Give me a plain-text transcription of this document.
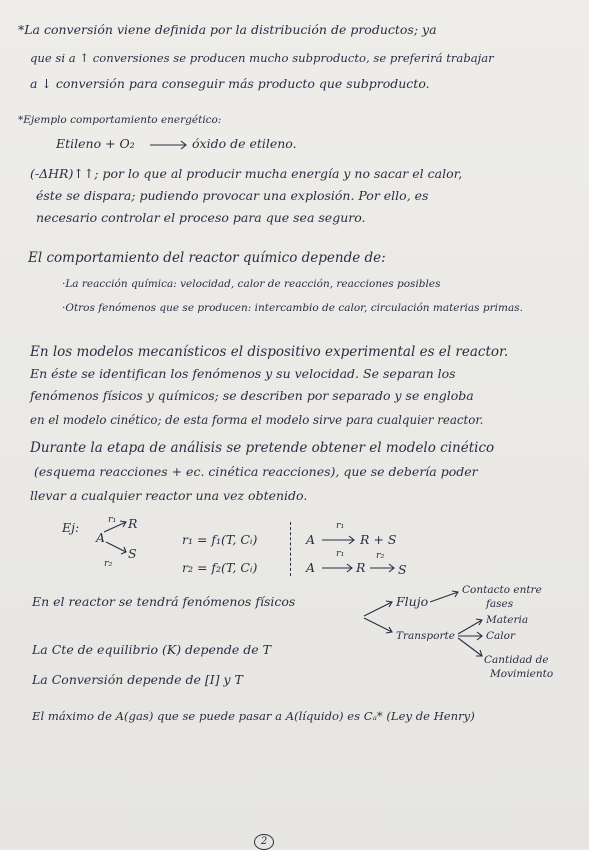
*La conversión viene definida por la distribución de productos; ya
que si a ↑ conversiones se producen mucho subproducto, se preferirá trabajar
a ↓ conversión para conseguir más producto que subproducto.
*Ejemplo comportamiento energético:
Etileno + O₂	óxido de etileno.
(-ΔHR)↑↑; por lo que al producir mucha energía y no sacar el calor,
éste se dispara; pudiendo provocar una explosión. Por ello, es
necesario controlar el proceso para que sea seguro.
El comportamiento del reactor químico depende de:
·La reacción química: velocidad, calor de reacción, reacciones posibles
·Otros fenómenos que se producen: intercambio de calor, circulación materias primas.
En los modelos mecanísticos el dispositivo experimental es el reactor.
En éste se identifican los fenómenos y su velocidad. Se separan los
fenómenos físicos y químicos; se describen por separado y se engloba
en el modelo cinético; de esta forma el modelo sirve para cualquier reactor.
Durante la etapa de análisis se pretende obtener el modelo cinético
(esquema reacciones + ec. cinética reacciones), que se debería poder
llevar a cualquier reactor una vez obtenido.
Ej:
A
r₁ R
r₂
S
r₁ = f₁(T, Cᵢ)
r₂ = f₂(T, Cᵢ)
A
r₁
R + S
A
r₁
R
r₂
S
En el reactor se tendrá fenómenos físicos	Flujo
Contacto entre
fases
Transporte
Materia
Calor
Cantidad de
Movimiento
La Cte de equilibrio (K) depende de T
La Conversión depende de [I] y T
El máximo de A(gas) que se puede pasar a A(líquido) es Cₐ* (Ley de Henry)
2
